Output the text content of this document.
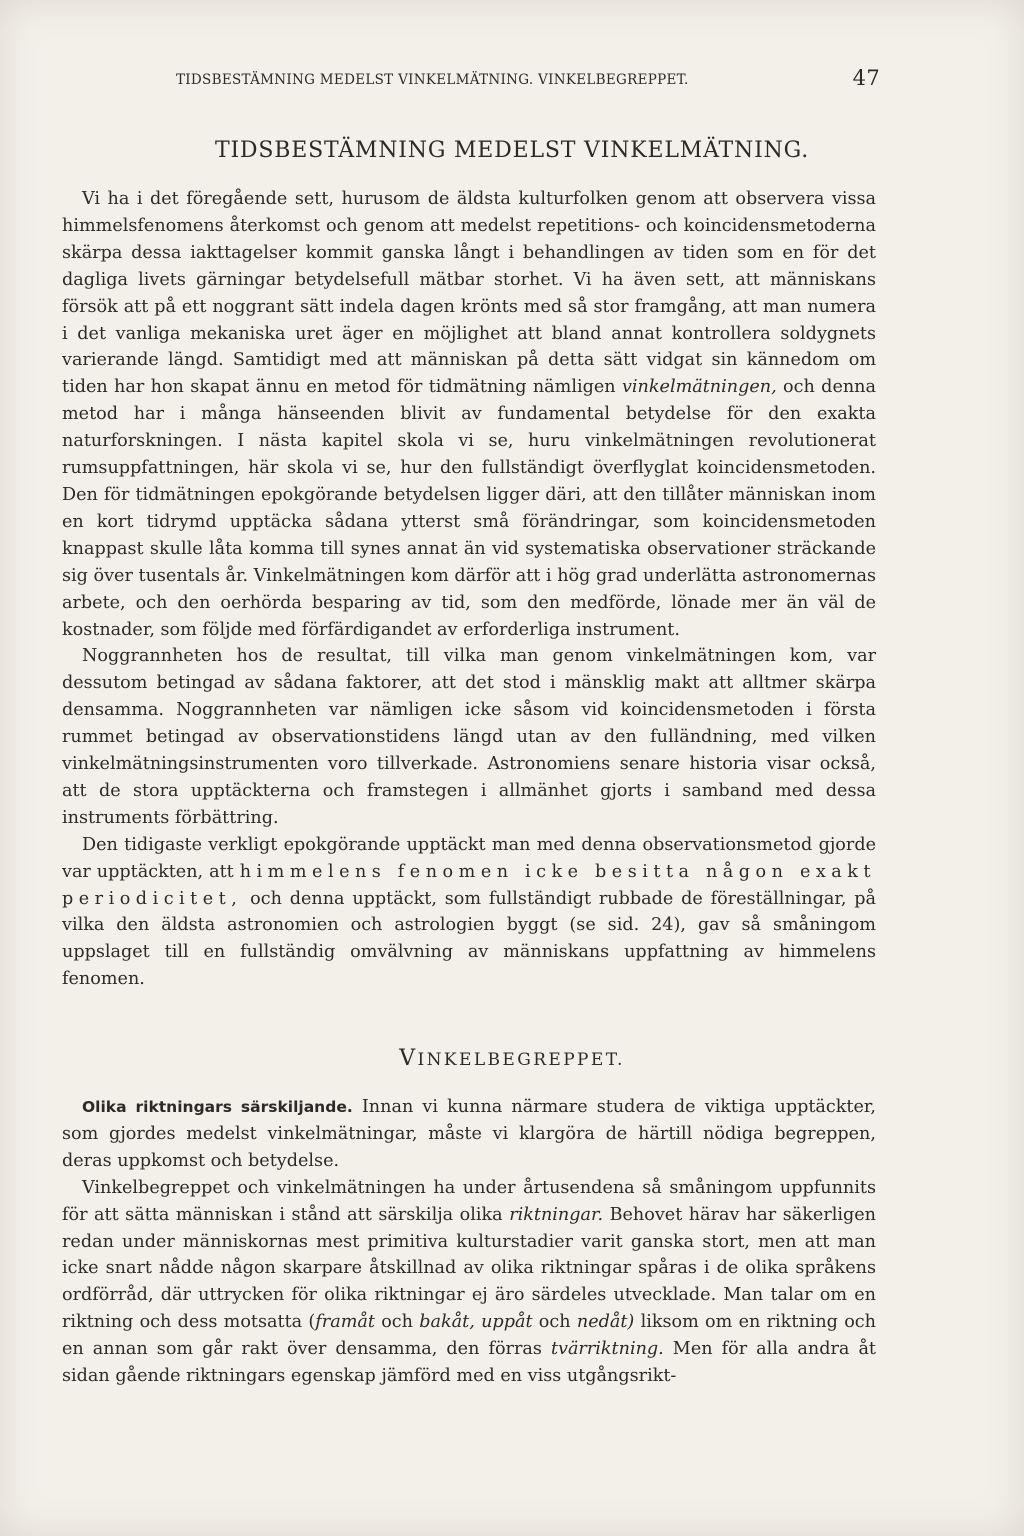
TIDSBESTÄMNING MEDELST VINKELMÄTNING. VINKELBEGREPPET.	47
TIDSBESTÄMNING MEDELST VINKELMÄTNING.

Vi ha i det föregående sett, hurusom de äldsta kulturfolken genom att observera vissa himmelsfenomens återkomst och genom att medelst repetitions- och koincidensmetoderna skärpa dessa iakttagelser kommit ganska långt i behandlingen av tiden som en för det dagliga livets gärningar betydelsefull mätbar storhet. Vi ha även sett, att människans försök att på ett noggrant sätt indela dagen krönts med så stor framgång, att man numera i det vanliga mekaniska uret äger en möjlighet att bland annat kontrollera soldygnets varierande längd. Samtidigt med att människan på detta sätt vidgat sin kännedom om tiden har hon skapat ännu en metod för tidmätning nämligen vinkelmätningen, och denna metod har i många hänseenden blivit av fundamental betydelse för den exakta naturforskningen. I nästa kapitel skola vi se, huru vinkelmätningen revolutionerat rumsuppfattningen, här skola vi se, hur den fullständigt överflyglat koincidensmetoden. Den för tidmätningen epokgörande betydelsen ligger däri, att den tillåter människan inom en kort tidrymd upptäcka sådana ytterst små förändringar, som koincidensmetoden knappast skulle låta komma till synes annat än vid systematiska observationer sträckande sig över tusentals år. Vinkelmätningen kom därför att i hög grad underlätta astronomernas arbete, och den oerhörda besparing av tid, som den medförde, lönade mer än väl de kostnader, som följde med förfärdigandet av erforderliga instrument.

Noggrannheten hos de resultat, till vilka man genom vinkelmätningen kom, var dessutom betingad av sådana faktorer, att det stod i mänsklig makt att alltmer skärpa densamma. Noggrannheten var nämligen icke såsom vid koincidensmetoden i första rummet betingad av observationstidens längd utan av den fulländning, med vilken vinkelmätningsinstrumenten voro tillverkade. Astronomiens senare historia visar också, att de stora upptäckterna och framstegen i allmänhet gjorts i samband med dessa instruments förbättring.

Den tidigaste verkligt epokgörande upptäckt man med denna observationsmetod gjorde var upptäckten, att himmelens fenomen icke besitta någon exakt periodicitet, och denna upptäckt, som fullständigt rubbade de föreställningar, på vilka den äldsta astronomien och astrologien byggt (se sid. 24), gav så småningom uppslaget till en fullständig omvälvning av människans uppfattning av himmelens fenomen.

VINKELBEGREPPET.

Olika riktningars särskiljande. Innan vi kunna närmare studera de viktiga upptäckter, som gjordes medelst vinkelmätningar, måste vi klargöra de härtill nödiga begreppen, deras uppkomst och betydelse.

Vinkelbegreppet och vinkelmätningen ha under årtusendena så småningom uppfunnits för att sätta människan i stånd att särskilja olika riktningar. Behovet härav har säkerligen redan under människornas mest primitiva kulturstadier varit ganska stort, men att man icke snart nådde någon skarpare åtskillnad av olika riktningar spåras i de olika språkens ordförråd, där uttrycken för olika riktningar ej äro särdeles utvecklade. Man talar om en riktning och dess motsatta (framåt och bakåt, uppåt och nedåt) liksom om en riktning och en annan som går rakt över densamma, den förras tvärriktning. Men för alla andra åt sidan gående riktningars egenskap jämförd med en viss utgångsrikt-
